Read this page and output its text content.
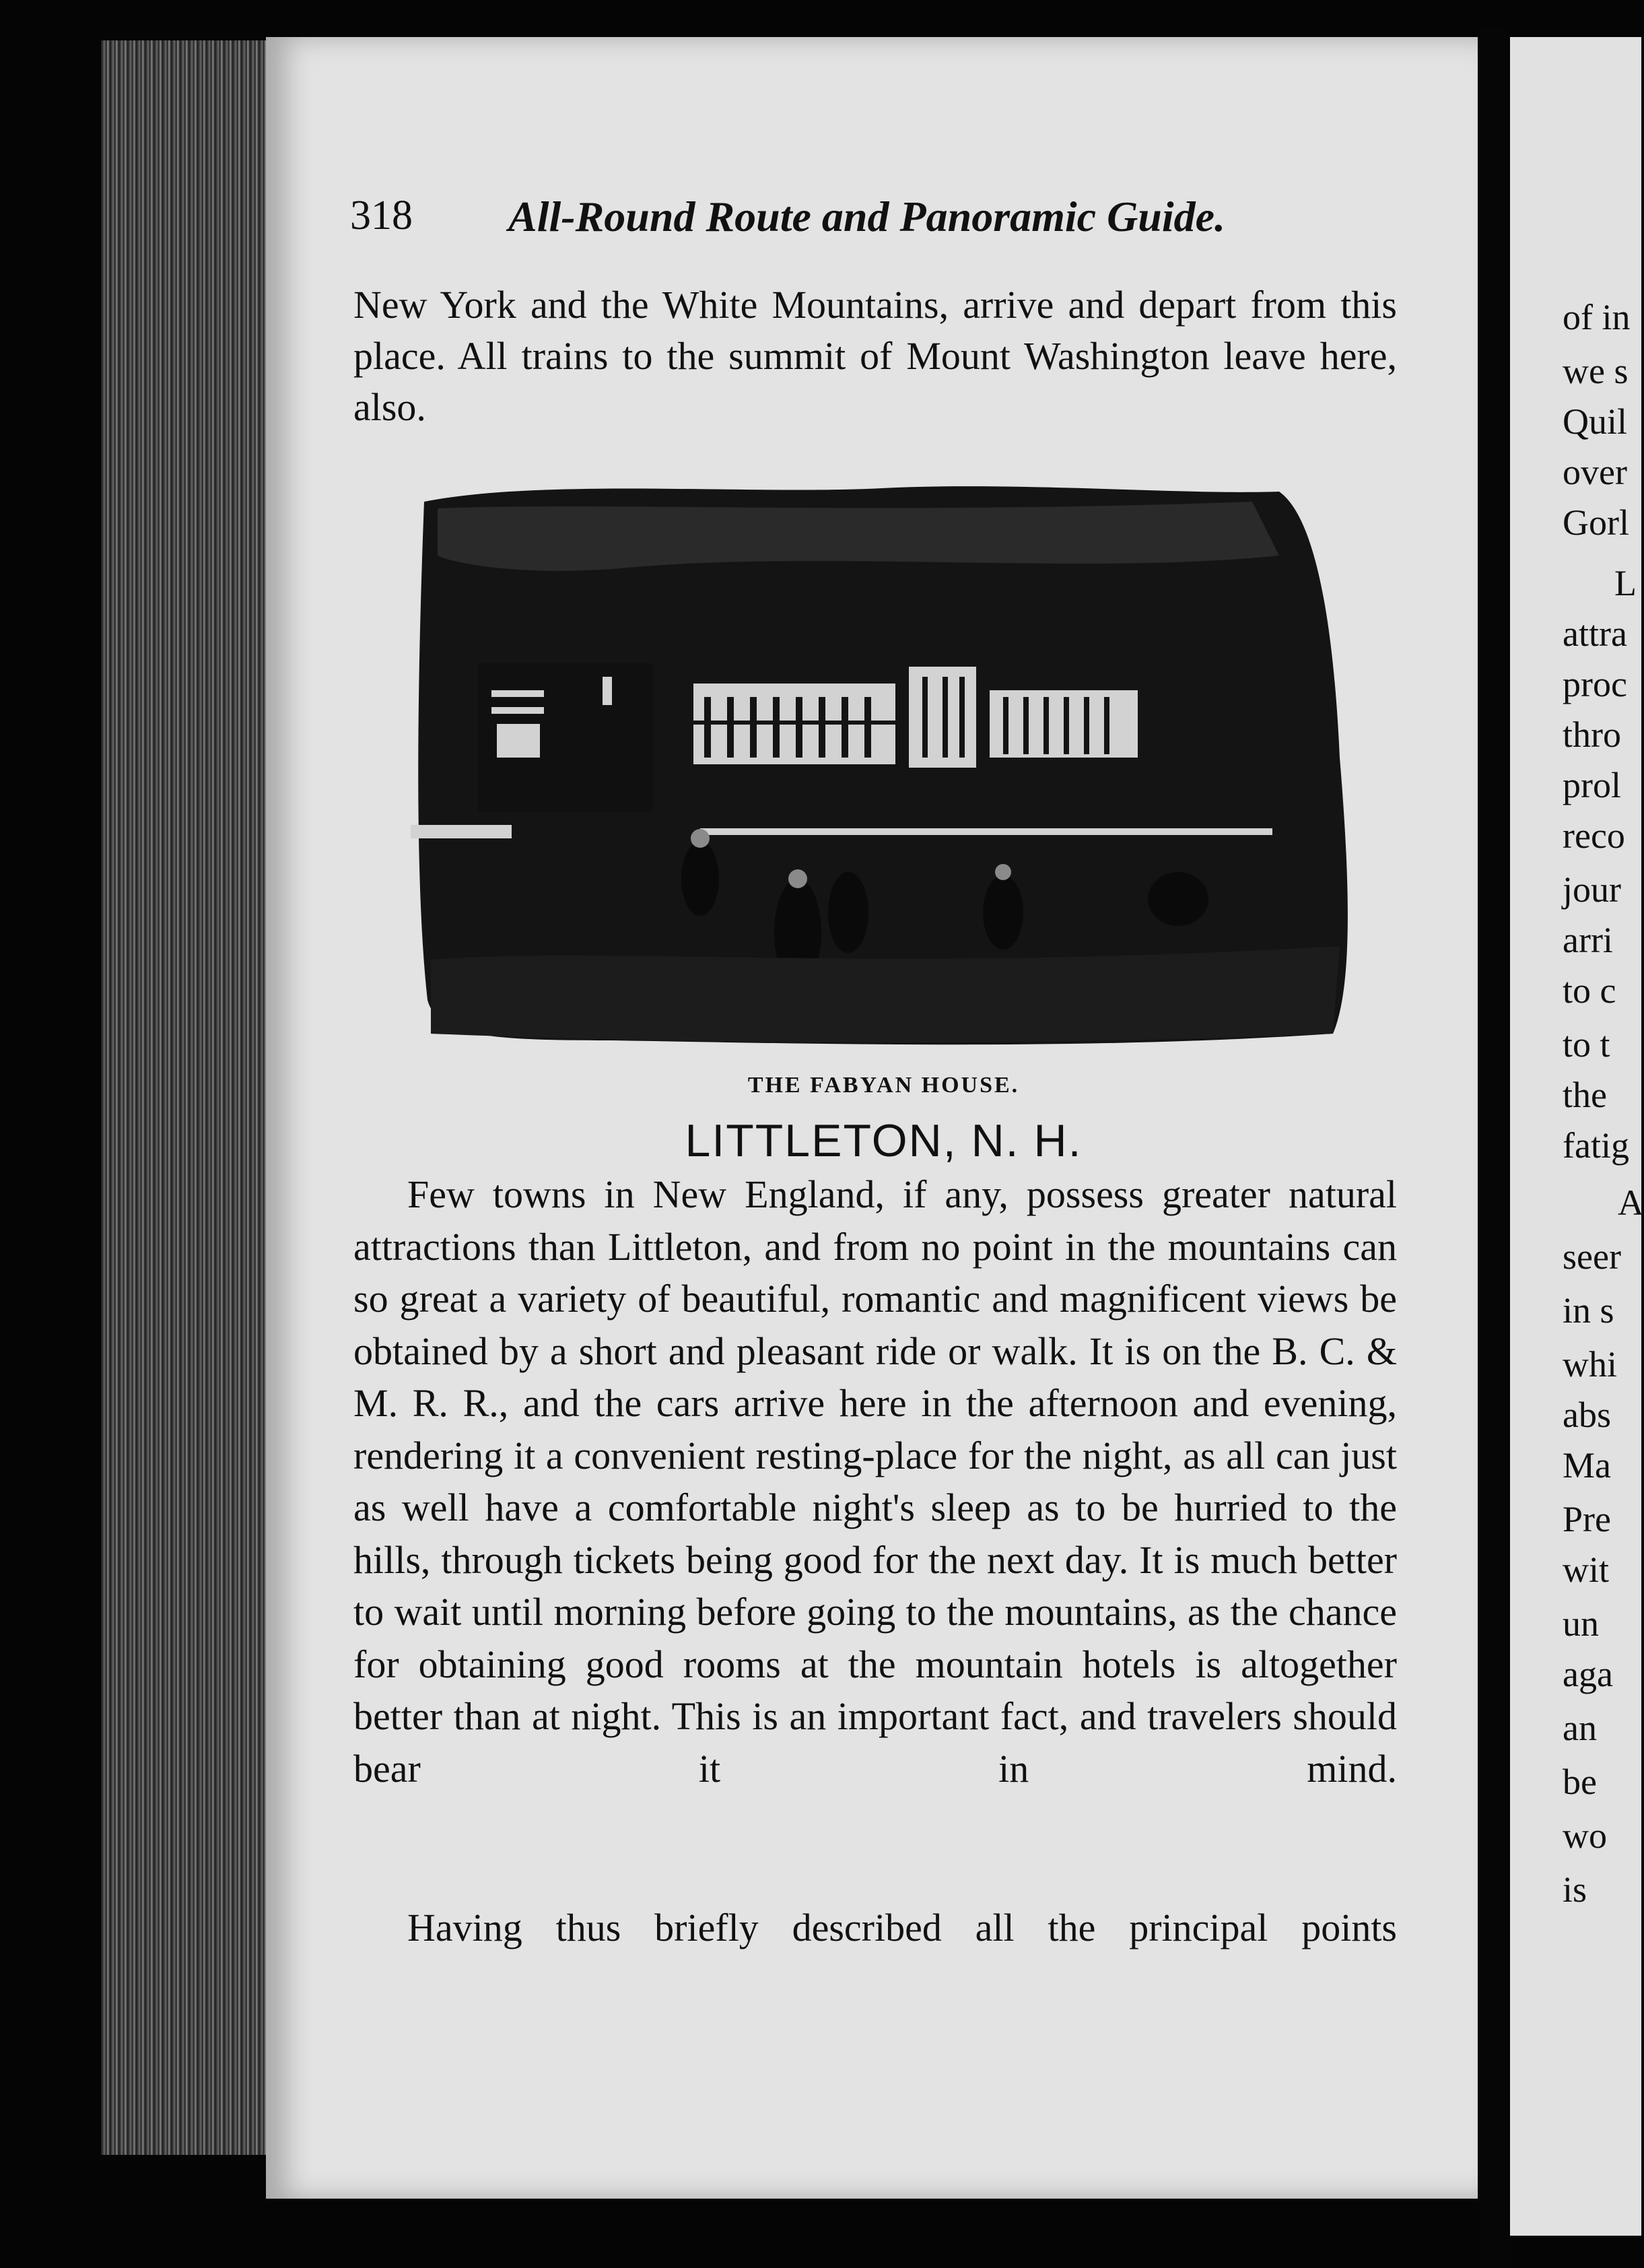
318 All-Round Route and Panoramic Guide.
New York and the White Mountains, arrive and depart from this place. All trains to the summit of Mount Washington leave here, also.
THE FABYAN HOUSE.
LITTLETON, N. H.
Few towns in New England, if any, possess greater natural attractions than Littleton, and from no point in the mountains can so great a variety of beautiful, romantic and magnificent views be obtained by a short and pleasant ride or walk. It is on the B. C. & M. R. R., and the cars arrive here in the afternoon and evening, rendering it a convenient resting-place for the night, as all can just as well have a comfortable night's sleep as to be hurried to the hills, through tickets being good for the next day. It is much better to wait until morning before going to the mountains, as the chance for obtaining good rooms at the mountain hotels is altogether better than at night. This is an important fact, and travelers should bear it in mind.
Having thus briefly described all the principal points
of in
we s
Quil
over
Gorl
L
attra
proc
thro
prol
reco
jour
arri
to c
to t
the
fatig
A
seer
in s
whi
abs
Ma
Pre
wit
un
aga
an
be
wo
is
